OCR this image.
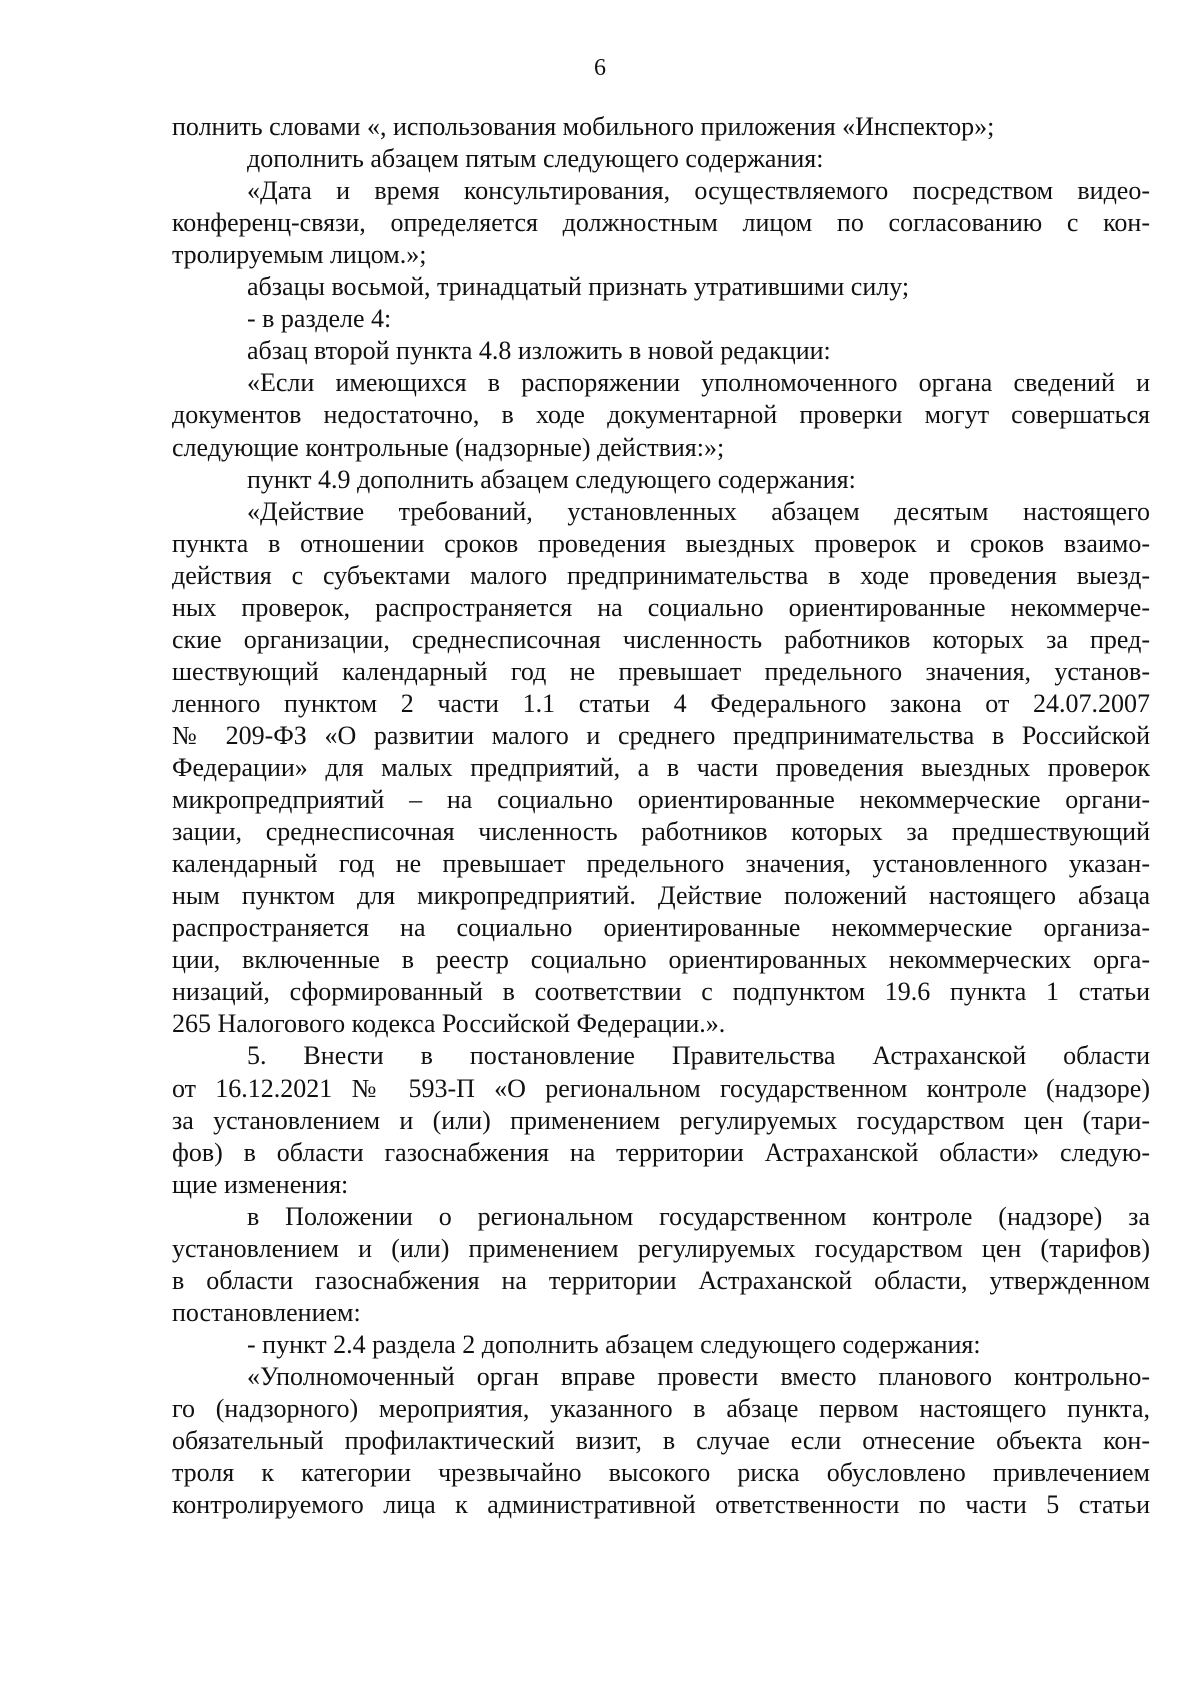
6
полнить словами «, использования мобильного приложения «Инспектор»;
дополнить абзацем пятым следующего содержания:
«Дата и время консультирования, осуществляемого посредством видео-
конференц-связи, определяется должностным лицом по согласованию с кон-
тролируемым лицом.»;
абзацы восьмой, тринадцатый признать утратившими силу;
- в разделе 4:
абзац второй пункта 4.8 изложить в новой редакции:
«Если имеющихся в распоряжении уполномоченного органа сведений и
документов недостаточно, в ходе документарной проверки могут совершаться
следующие контрольные (надзорные) действия:»;
пункт 4.9 дополнить абзацем следующего содержания:
«Действие требований, установленных абзацем десятым настоящего
пункта в отношении сроков проведения выездных проверок и сроков взаимо-
действия с субъектами малого предпринимательства в ходе проведения выезд-
ных проверок, распространяется на социально ориентированные некоммерче-
ские организации, среднесписочная численность работников которых за пред-
шествующий календарный год не превышает предельного значения, установ-
ленного пунктом 2 части 1.1 статьи 4 Федерального закона от 24.07.2007
№ 209-ФЗ «О развитии малого и среднего предпринимательства в Российской
Федерации» для малых предприятий, а в части проведения выездных проверок
микропредприятий – на социально ориентированные некоммерческие органи-
зации, среднесписочная численность работников которых за предшествующий
календарный год не превышает предельного значения, установленного указан-
ным пунктом для микропредприятий. Действие положений настоящего абзаца
распространяется на социально ориентированные некоммерческие организа-
ции, включенные в реестр социально ориентированных некоммерческих орга-
низаций, сформированный в соответствии с подпунктом 19.6 пункта 1 статьи
265 Налогового кодекса Российской Федерации.».
5. Внести в постановление Правительства Астраханской области
от 16.12.2021 № 593-П «О региональном государственном контроле (надзоре)
за установлением и (или) применением регулируемых государством цен (тари-
фов) в области газоснабжения на территории Астраханской области» следую-
щие изменения:
в Положении о региональном государственном контроле (надзоре) за
установлением и (или) применением регулируемых государством цен (тарифов)
в области газоснабжения на территории Астраханской области, утвержденном
постановлением:
- пункт 2.4 раздела 2 дополнить абзацем следующего содержания:
«Уполномоченный орган вправе провести вместо планового контрольно-
го (надзорного) мероприятия, указанного в абзаце первом настоящего пункта,
обязательный профилактический визит, в случае если отнесение объекта кон-
троля к категории чрезвычайно высокого риска обусловлено привлечением
контролируемого лица к административной ответственности по части 5 статьи
